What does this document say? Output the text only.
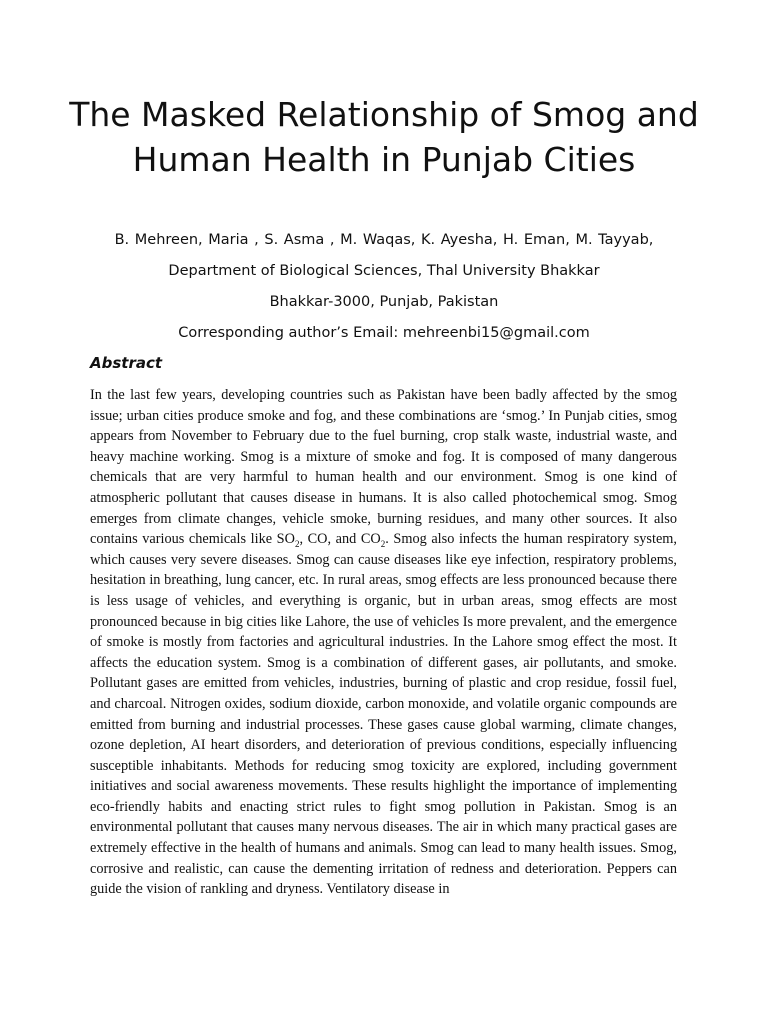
The Masked Relationship of Smog and Human Health in Punjab Cities
B. Mehreen, Maria , S. Asma , M. Waqas, K. Ayesha, H. Eman, M. Tayyab,
Department of Biological Sciences, Thal University Bhakkar
Bhakkar-3000, Punjab, Pakistan
Corresponding author’s Email: mehreenbi15@gmail.com
Abstract

In the last few years, developing countries such as Pakistan have been badly affected by the smog issue; urban cities produce smoke and fog, and these combinations are ‘smog.’ In Punjab cities, smog appears from November to February due to the fuel burning, crop stalk waste, industrial waste, and heavy machine working. Smog is a mixture of smoke and fog. It is composed of many dangerous chemicals that are very harmful to human health and our environment. Smog is one kind of atmospheric pollutant that causes disease in humans. It is also called photochemical smog. Smog emerges from climate changes, vehicle smoke, burning residues, and many other sources. It also contains various chemicals like $SO_2$, CO, and $CO_2$. Smog also infects the human respiratory system, which causes very severe diseases. Smog can cause diseases like eye infection, respiratory problems, hesitation in breathing, lung cancer, etc. In rural areas, smog effects are less pronounced because there is less usage of vehicles, and everything is organic, but in urban areas, smog effects are most pronounced because in big cities like Lahore, the use of vehicles Is more prevalent, and the emergence of smoke is mostly from factories and agricultural industries. In the Lahore smog effect the most. It affects the education system. Smog is a combination of different gases, air pollutants, and smoke. Pollutant gases are emitted from vehicles, industries, burning of plastic and crop residue, fossil fuel, and charcoal. Nitrogen oxides, sodium dioxide, carbon monoxide, and volatile organic compounds are emitted from burning and industrial processes. These gases cause global warming, climate changes, ozone depletion, AI heart disorders, and deterioration of previous conditions, especially influencing susceptible inhabitants. Methods for reducing smog toxicity are explored, including government initiatives and social awareness movements. These results highlight the importance of implementing eco-friendly habits and enacting strict rules to fight smog pollution in Pakistan. Smog is an environmental pollutant that causes many nervous diseases. The air in which many practical gases are extremely effective in the health of humans and animals. Smog can lead to many health issues. Smog, corrosive and realistic, can cause the dementing irritation of redness and deterioration. Peppers can guide the vision of rankling and dryness. Ventilatory disease in
